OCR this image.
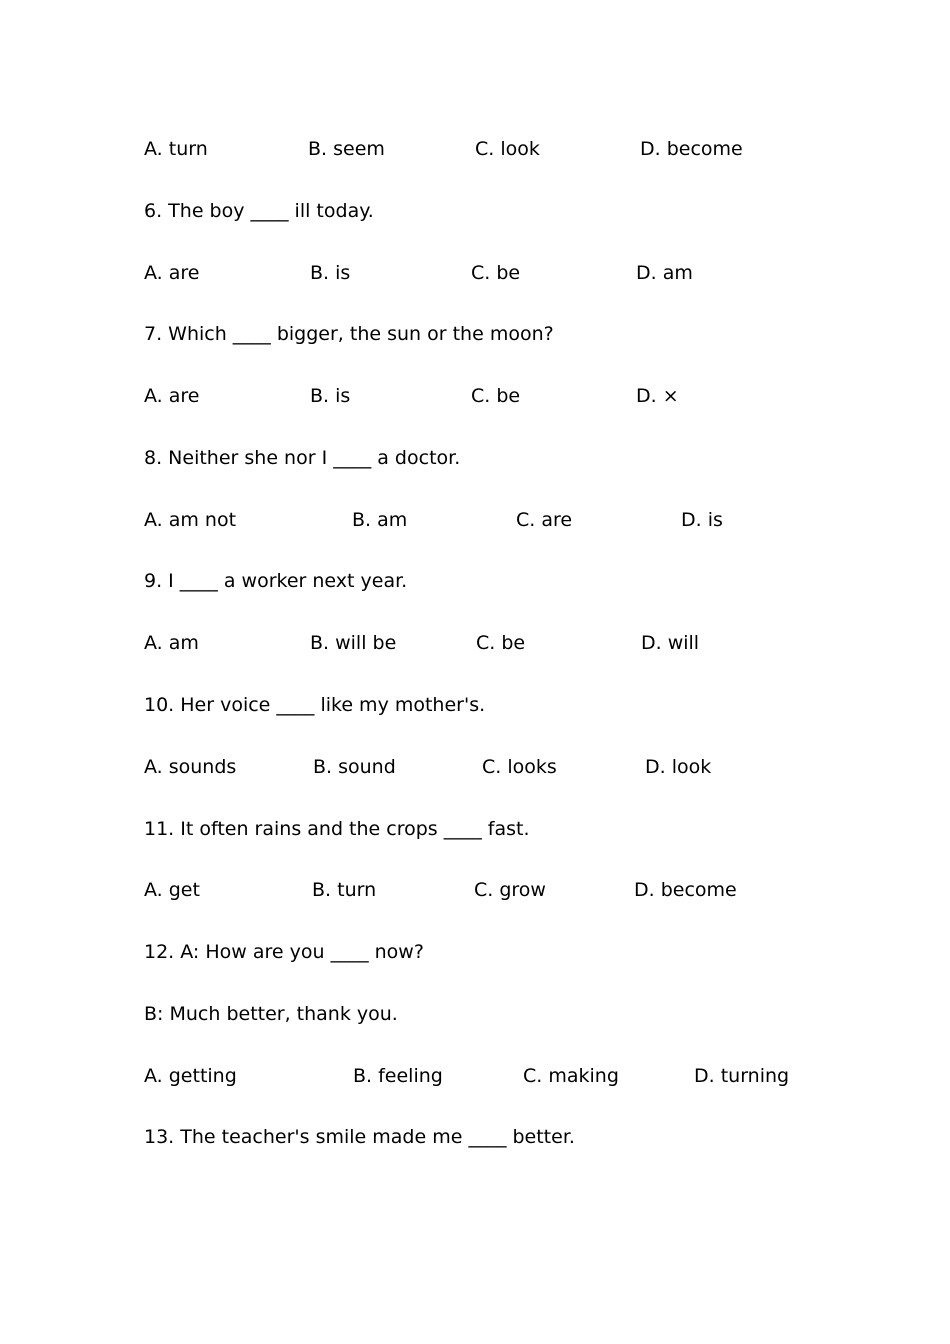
A. turn	B. seem	C. look	D. become
6. The boy ____ ill today.
A. are	B. is	C. be	D. am
7. Which ____ bigger, the sun or the moon?
A. are	B. is	C. be	D. ×
8. Neither she nor I ____ a doctor.
A. am not	B. am	C. are	D. is
9. I ____ a worker next year.
A. am	B. will be	C. be	D. will
10. Her voice ____ like my mother's.
A. sounds	B. sound	C. looks	D. look
11. It often rains and the crops ____ fast.
A. get	B. turn	C. grow	D. become
12. A: How are you ____ now?
B: Much better, thank you.
A. getting	B. feeling	C. making	D. turning
13. The teacher's smile made me ____ better.
